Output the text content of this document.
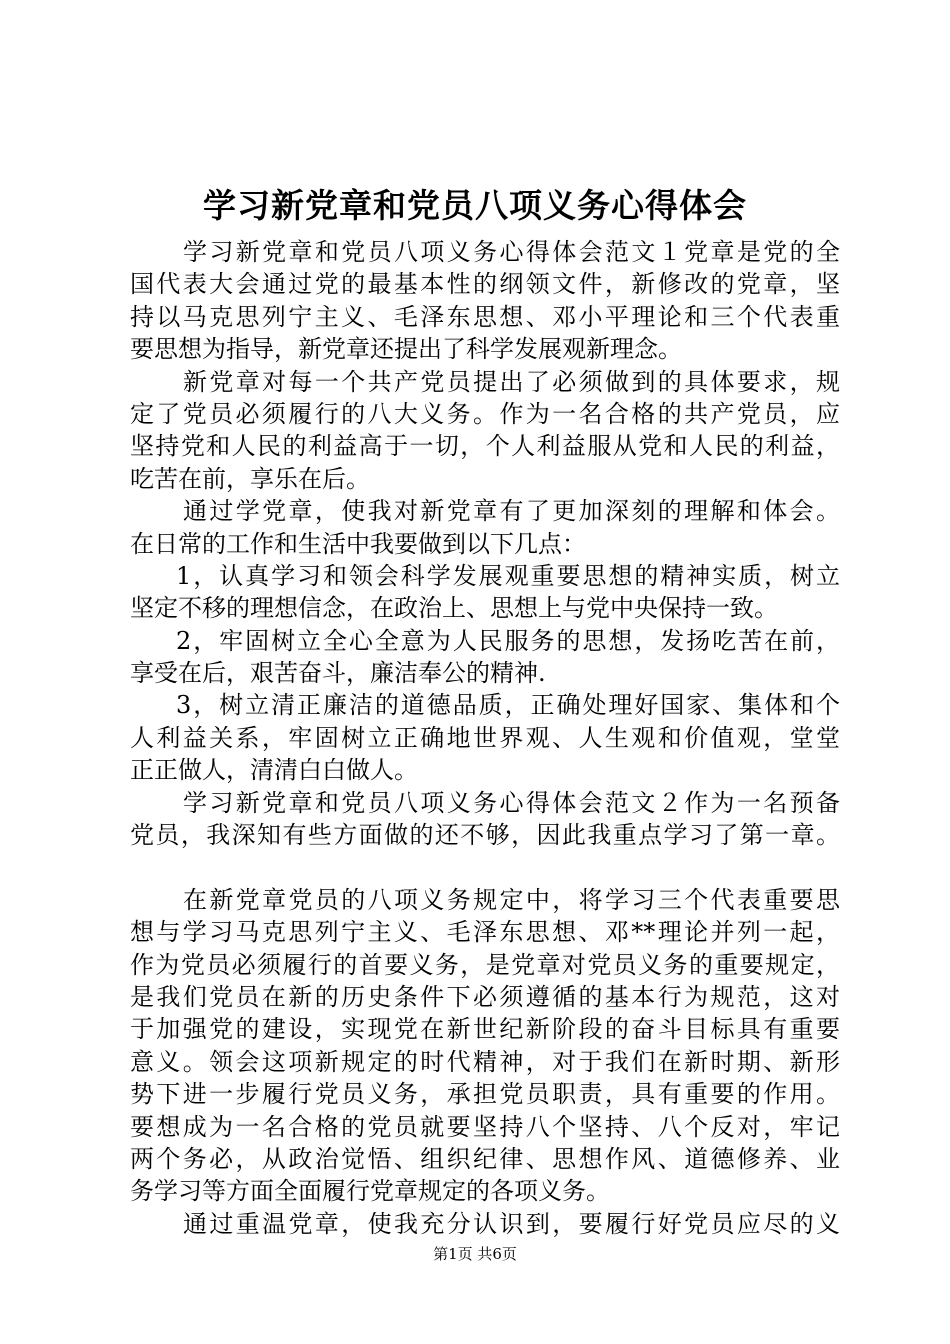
学习新党章和党员八项义务心得体会
学习新党章和党员八项义务心得体会范文１党章是党的全
国代表大会通过党的最基本性的纲领文件，新修改的党章，坚
持以马克思列宁主义、毛泽东思想、邓小平理论和三个代表重
要思想为指导，新党章还提出了科学发展观新理念。
新党章对每一个共产党员提出了必须做到的具体要求，规
定了党员必须履行的八大义务。作为一名合格的共产党员，应
坚持党和人民的利益高于一切，个人利益服从党和人民的利益，
吃苦在前，享乐在后。
通过学党章，使我对新党章有了更加深刻的理解和体会。
在日常的工作和生活中我要做到以下几点：
1，认真学习和领会科学发展观重要思想的精神实质，树立
坚定不移的理想信念，在政治上、思想上与党中央保持一致。
2，牢固树立全心全意为人民服务的思想，发扬吃苦在前，
享受在后，艰苦奋斗，廉洁奉公的精神.
3，树立清正廉洁的道德品质，正确处理好国家、集体和个
人利益关系，牢固树立正确地世界观、人生观和价值观，堂堂
正正做人，清清白白做人。
学习新党章和党员八项义务心得体会范文２作为一名预备
党员，我深知有些方面做的还不够，因此我重点学习了第一章。
在新党章党员的八项义务规定中，将学习三个代表重要思
想与学习马克思列宁主义、毛泽东思想、邓**理论并列一起，
作为党员必须履行的首要义务，是党章对党员义务的重要规定，
是我们党员在新的历史条件下必须遵循的基本行为规范，这对
于加强党的建设，实现党在新世纪新阶段的奋斗目标具有重要
意义。领会这项新规定的时代精神，对于我们在新时期、新形
势下进一步履行党员义务，承担党员职责，具有重要的作用。
要想成为一名合格的党员就要坚持八个坚持、八个反对，牢记
两个务必，从政治觉悟、组织纪律、思想作风、道德修养、业
务学习等方面全面履行党章规定的各项义务。
通过重温党章，使我充分认识到，要履行好党员应尽的义
第1页 共6页
